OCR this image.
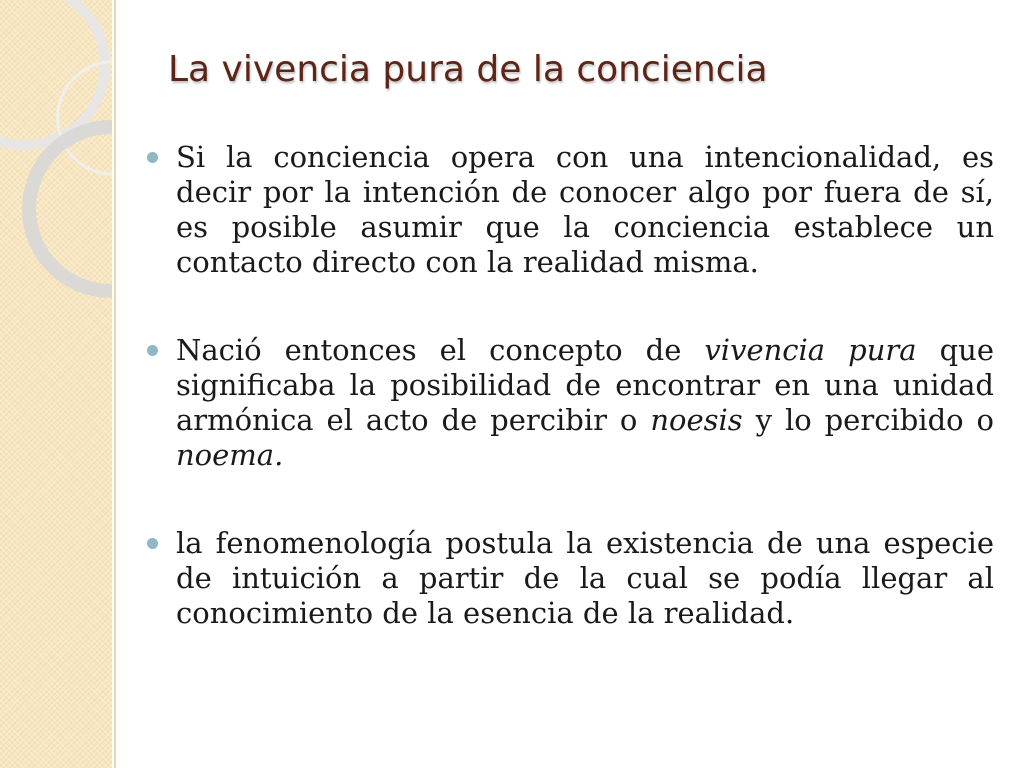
La vivencia pura de la conciencia
Si la conciencia opera con una intencionalidad, es decir por la intención de conocer algo por fuera de sí, es posible asumir que la conciencia establece un contacto directo con la realidad misma.
Nació entonces el concepto de vivencia pura que significaba la posibilidad de encontrar en una unidad armónica el acto de percibir o noesis y lo percibido o noema.
la fenomenología postula la existencia de una especie de intuición a partir de la cual se podía llegar al conocimiento de la esencia de la realidad.
